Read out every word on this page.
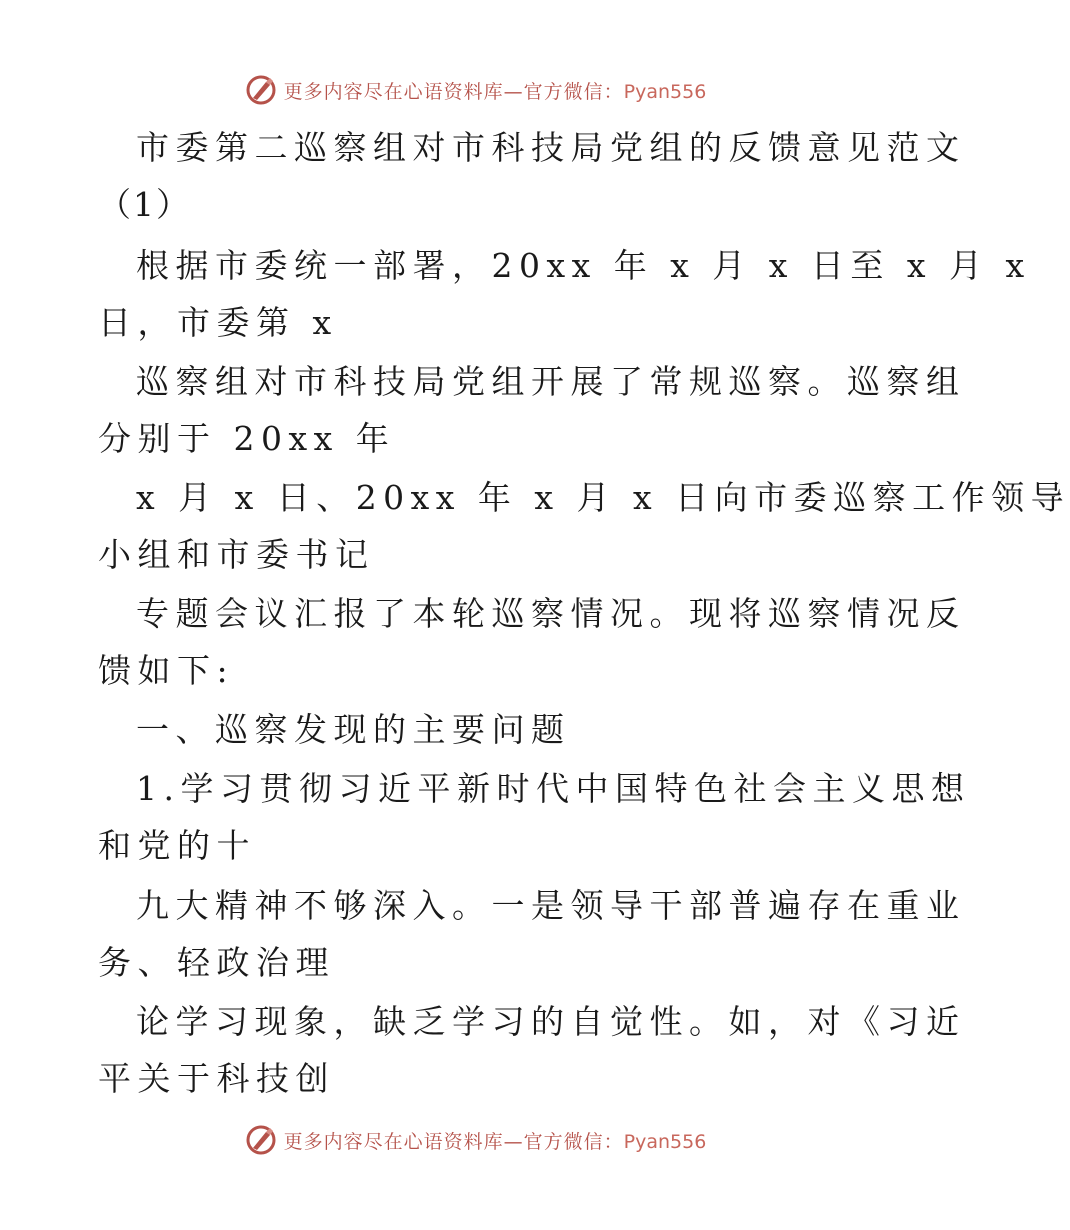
更多内容尽在心语资料库—官方微信：Pyan556
市委第二巡察组对市科技局党组的反馈意见范文
（1）
根据市委统一部署，20xx 年 x 月 x 日至 x 月 x
日，市委第 x
巡察组对市科技局党组开展了常规巡察。巡察组
分别于 20xx 年
x 月 x 日、20xx 年 x 月 x 日向市委巡察工作领导
小组和市委书记
专题会议汇报了本轮巡察情况。现将巡察情况反
馈如下:
一、巡察发现的主要问题
1.学习贯彻习近平新时代中国特色社会主义思想
和党的十
九大精神不够深入。一是领导干部普遍存在重业
务、轻政治理
论学习现象，缺乏学习的自觉性。如，对《习近
平关于科技创
更多内容尽在心语资料库—官方微信：Pyan556
